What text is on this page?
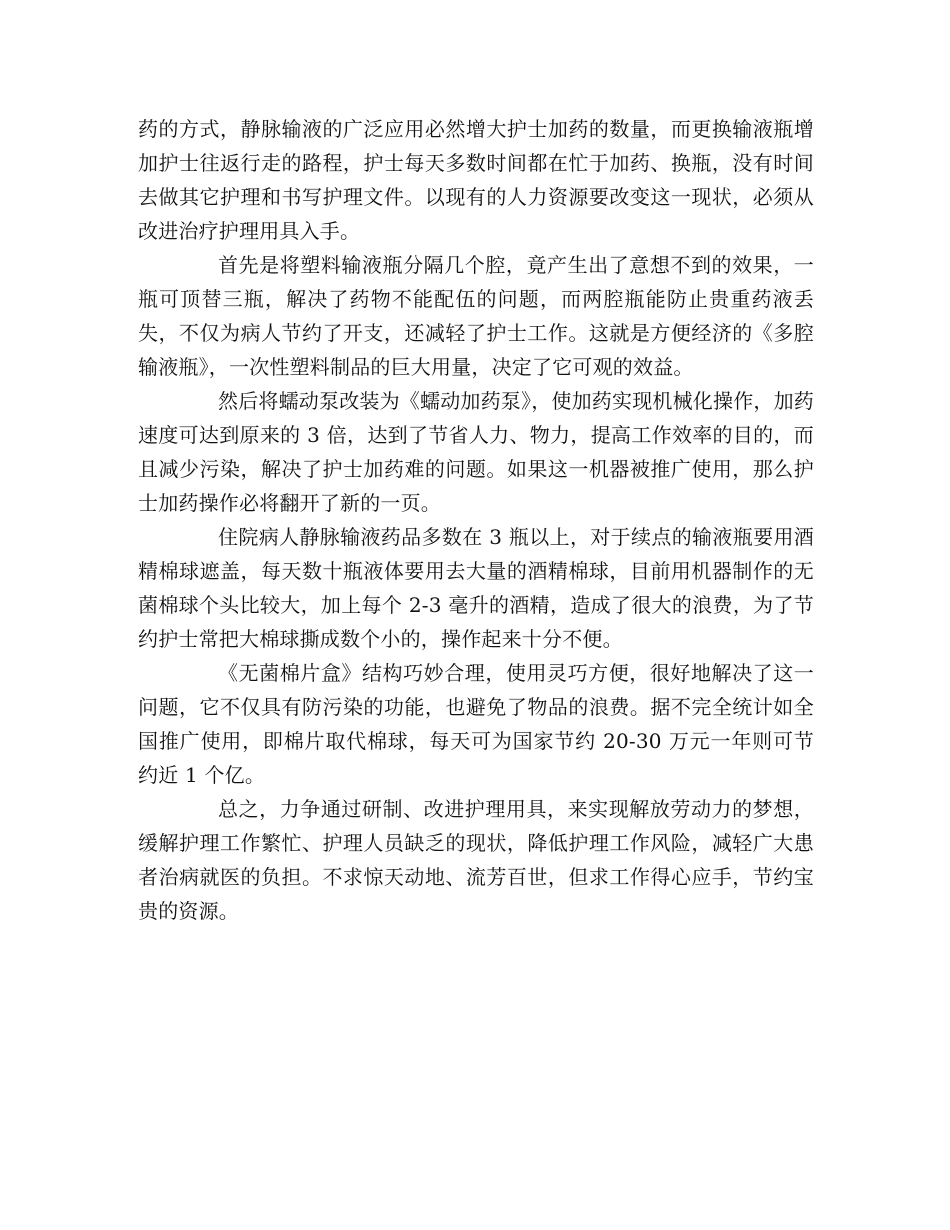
药的方式，静脉输液的广泛应用必然增大护士加药的数量，而更换输液瓶增加护士往返行走的路程，护士每天多数时间都在忙于加药、换瓶，没有时间去做其它护理和书写护理文件。以现有的人力资源要改变这一现状，必须从改进治疗护理用具入手。

首先是将塑料输液瓶分隔几个腔，竟产生出了意想不到的效果，一瓶可顶替三瓶，解决了药物不能配伍的问题，而两腔瓶能防止贵重药液丢失，不仅为病人节约了开支，还减轻了护士工作。这就是方便经济的《多腔输液瓶》，一次性塑料制品的巨大用量，决定了它可观的效益。

然后将蠕动泵改装为《蠕动加药泵》，使加药实现机械化操作，加药速度可达到原来的 3 倍，达到了节省人力、物力，提高工作效率的目的，而且减少污染，解决了护士加药难的问题。如果这一机器被推广使用，那么护士加药操作必将翻开了新的一页。

住院病人静脉输液药品多数在 3 瓶以上，对于续点的输液瓶要用酒精棉球遮盖，每天数十瓶液体要用去大量的酒精棉球，目前用机器制作的无菌棉球个头比较大，加上每个 2-3 毫升的酒精，造成了很大的浪费，为了节约护士常把大棉球撕成数个小的，操作起来十分不便。

《无菌棉片盒》结构巧妙合理，使用灵巧方便，很好地解决了这一问题，它不仅具有防污染的功能，也避免了物品的浪费。据不完全统计如全国推广使用，即棉片取代棉球，每天可为国家节约 20-30 万元一年则可节约近 1 个亿。

总之，力争通过研制、改进护理用具，来实现解放劳动力的梦想，缓解护理工作繁忙、护理人员缺乏的现状，降低护理工作风险，减轻广大患者治病就医的负担。不求惊天动地、流芳百世，但求工作得心应手，节约宝贵的资源。
